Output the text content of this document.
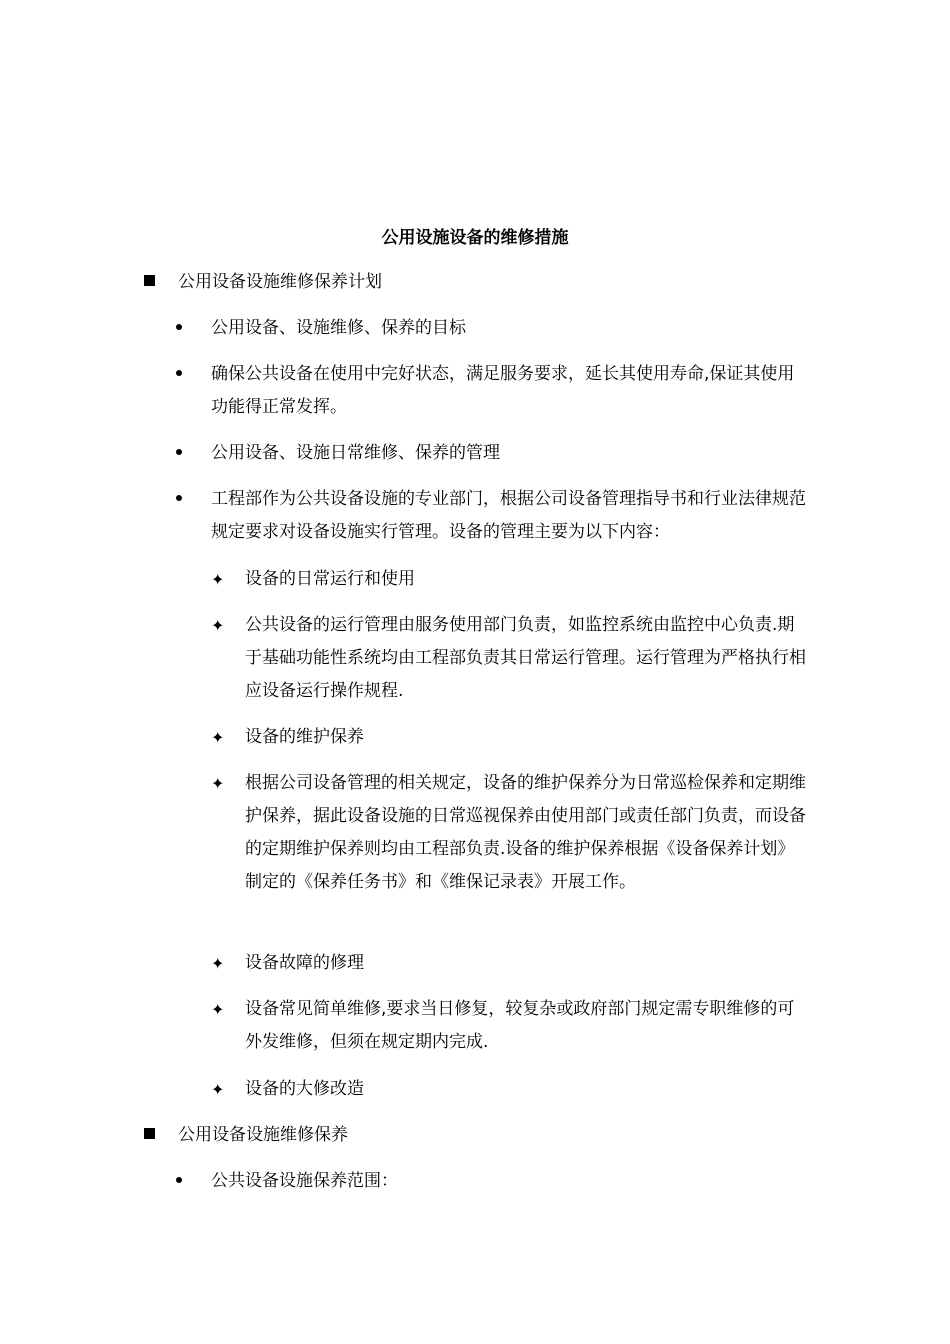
公用设施设备的维修措施
公用设备设施维修保养计划
公用设备、设施维修、保养的目标
确保公共设备在使用中完好状态，满足服务要求，延长其使用寿命,保证其使用功能得正常发挥。
公用设备、设施日常维修、保养的管理
工程部作为公共设备设施的专业部门，根据公司设备管理指导书和行业法律规范规定要求对设备设施实行管理。设备的管理主要为以下内容：
✦	设备的日常运行和使用
✦	公共设备的运行管理由服务使用部门负责，如监控系统由监控中心负责.期于基础功能性系统均由工程部负责其日常运行管理。运行管理为严格执行相应设备运行操作规程.
✦	设备的维护保养
✦	根据公司设备管理的相关规定，设备的维护保养分为日常巡检保养和定期维护保养，据此设备设施的日常巡视保养由使用部门或责任部门负责，而设备的定期维护保养则均由工程部负责.设备的维护保养根据《设备保养计划》制定的《保养任务书》和《维保记录表》开展工作。
✦	设备故障的修理
✦	设备常见简单维修,要求当日修复，较复杂或政府部门规定需专职维修的可外发维修，但须在规定期内完成.
✦	设备的大修改造
公用设备设施维修保养
公共设备设施保养范围：
